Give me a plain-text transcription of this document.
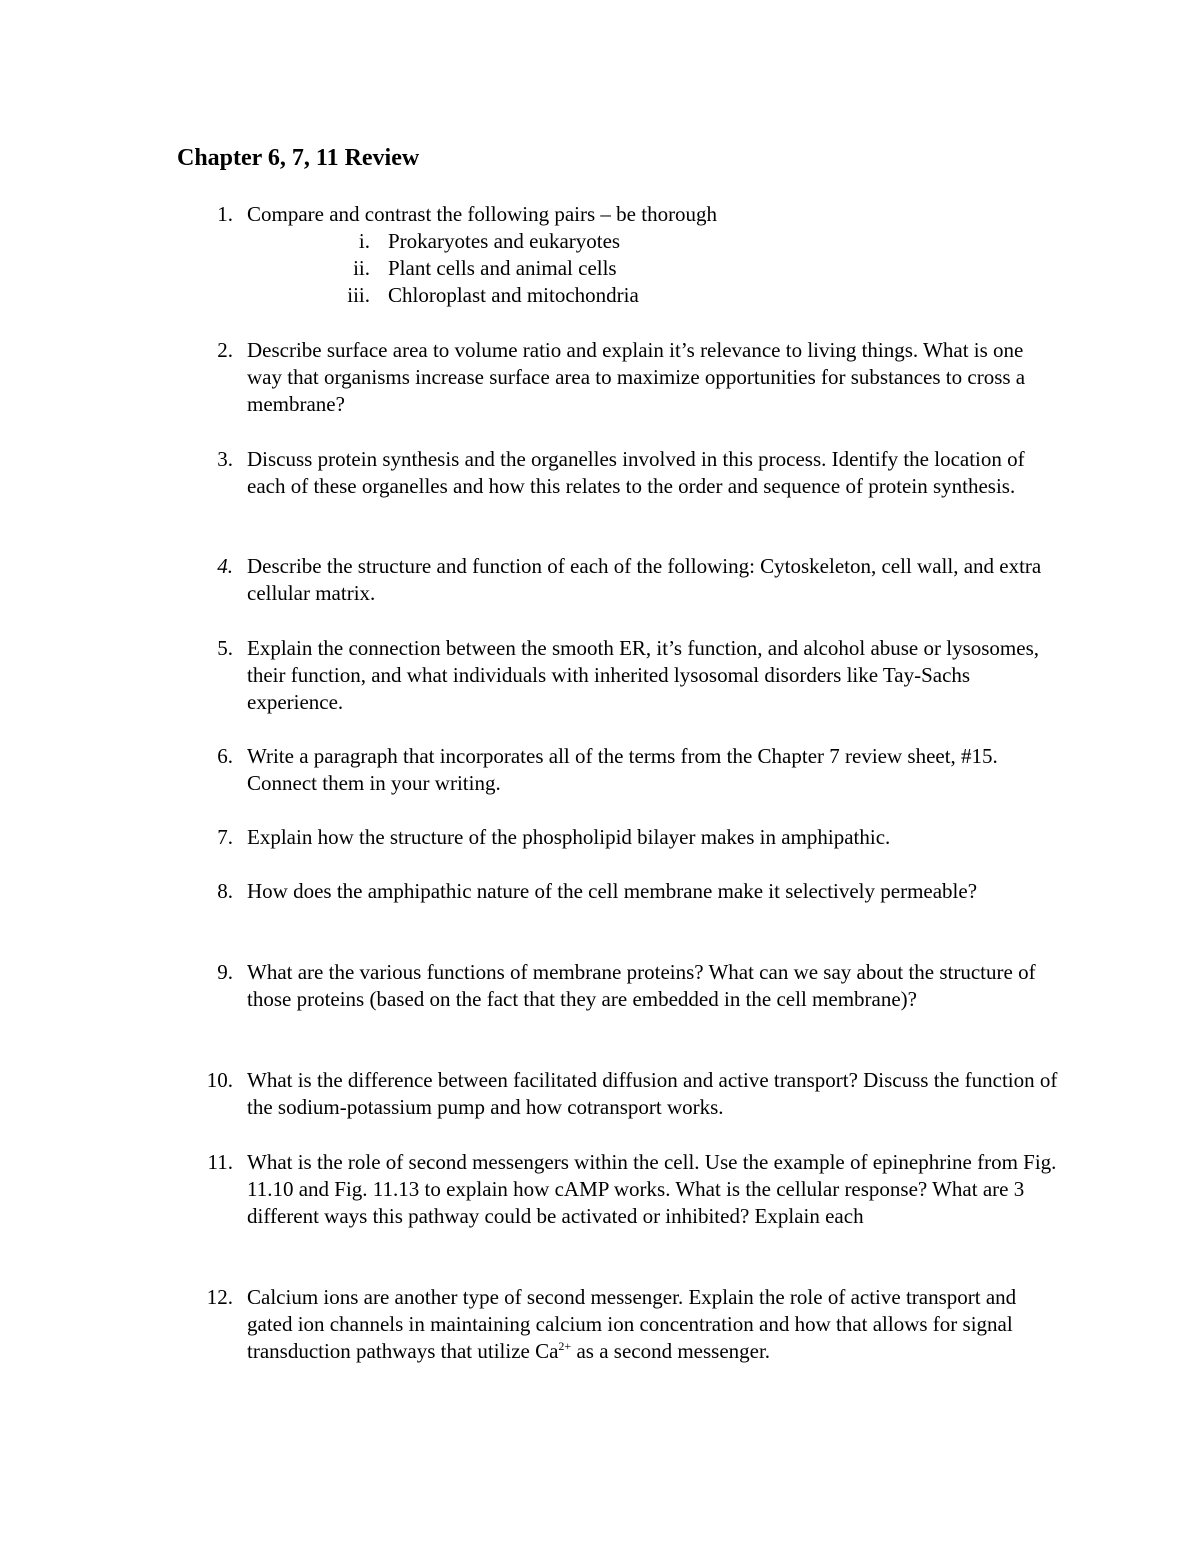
Chapter 6, 7, 11 Review
1. Compare and contrast the following pairs – be thorough
i. Prokaryotes and eukaryotes
ii. Plant cells and animal cells
iii. Chloroplast and mitochondria
2. Describe surface area to volume ratio and explain it’s relevance to living things. What is one way that organisms increase surface area to maximize opportunities for substances to cross a membrane?
3. Discuss protein synthesis and the organelles involved in this process. Identify the location of each of these organelles and how this relates to the order and sequence of protein synthesis.
4. Describe the structure and function of each of the following: Cytoskeleton, cell wall, and extra cellular matrix.
5. Explain the connection between the smooth ER, it’s function, and alcohol abuse or lysosomes, their function, and what individuals with inherited lysosomal disorders like Tay-Sachs experience.
6. Write a paragraph that incorporates all of the terms from the Chapter 7 review sheet, #15. Connect them in your writing.
7. Explain how the structure of the phospholipid bilayer makes in amphipathic.
8. How does the amphipathic nature of the cell membrane make it selectively permeable?
9. What are the various functions of membrane proteins? What can we say about the structure of those proteins (based on the fact that they are embedded in the cell membrane)?
10. What is the difference between facilitated diffusion and active transport? Discuss the function of the sodium-potassium pump and how cotransport works.
11. What is the role of second messengers within the cell. Use the example of epinephrine from Fig. 11.10 and Fig. 11.13 to explain how cAMP works. What is the cellular response? What are 3 different ways this pathway could be activated or inhibited? Explain each
12. Calcium ions are another type of second messenger. Explain the role of active transport and gated ion channels in maintaining calcium ion concentration and how that allows for signal transduction pathways that utilize $Ca^{2+}$ as a second messenger.
